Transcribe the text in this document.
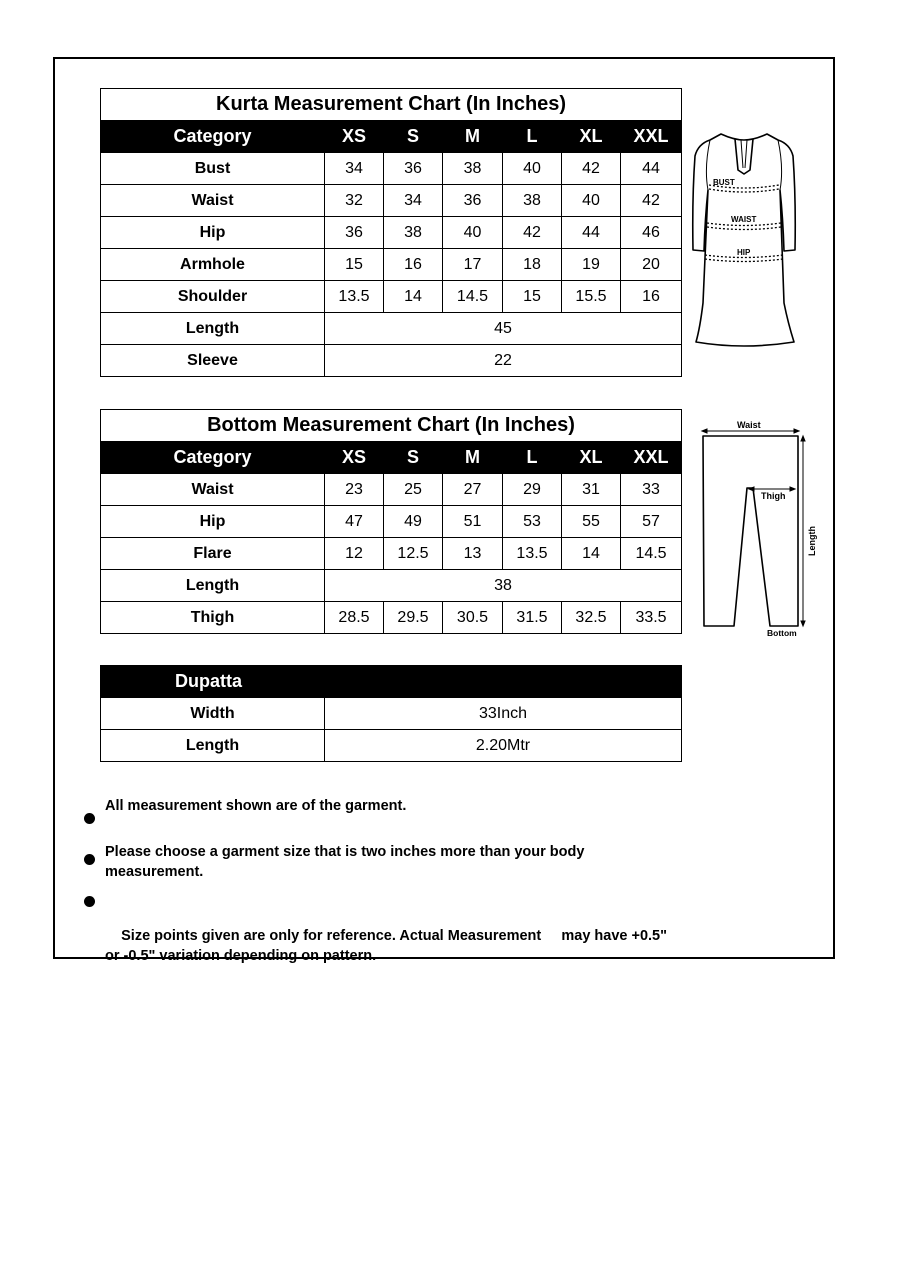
Kurta Measurement Chart (In Inches)						
Category	XS	S	M	L	XL	XXL
Bust	34	36	38	40	42	44
Waist	32	34	36	38	40	42
Hip	36	38	40	42	44	46
Armhole	15	16	17	18	19	20
Shoulder	13.5	14	14.5	15	15.5	16
Length	45					
Sleeve	22					
Bottom Measurement Chart (In Inches)						
Category	XS	S	M	L	XL	XXL
Waist	23	25	27	29	31	33
Hip	47	49	51	53	55	57
Flare	12	12.5	13	13.5	14	14.5
Length	38					
Thigh	28.5	29.5	30.5	31.5	32.5	33.5
Dupatta	
Width	33Inch
Length	2.20Mtr
BUST
WAIST
HIP
Waist
Thigh
Length
Bottom
All measurement shown are of the garment.
Please choose a garment size that is two inches more than your body measurement.

Size points given are only for reference. Actual Measurement     may have +0.5" or -0.5" variation depending on pattern.
